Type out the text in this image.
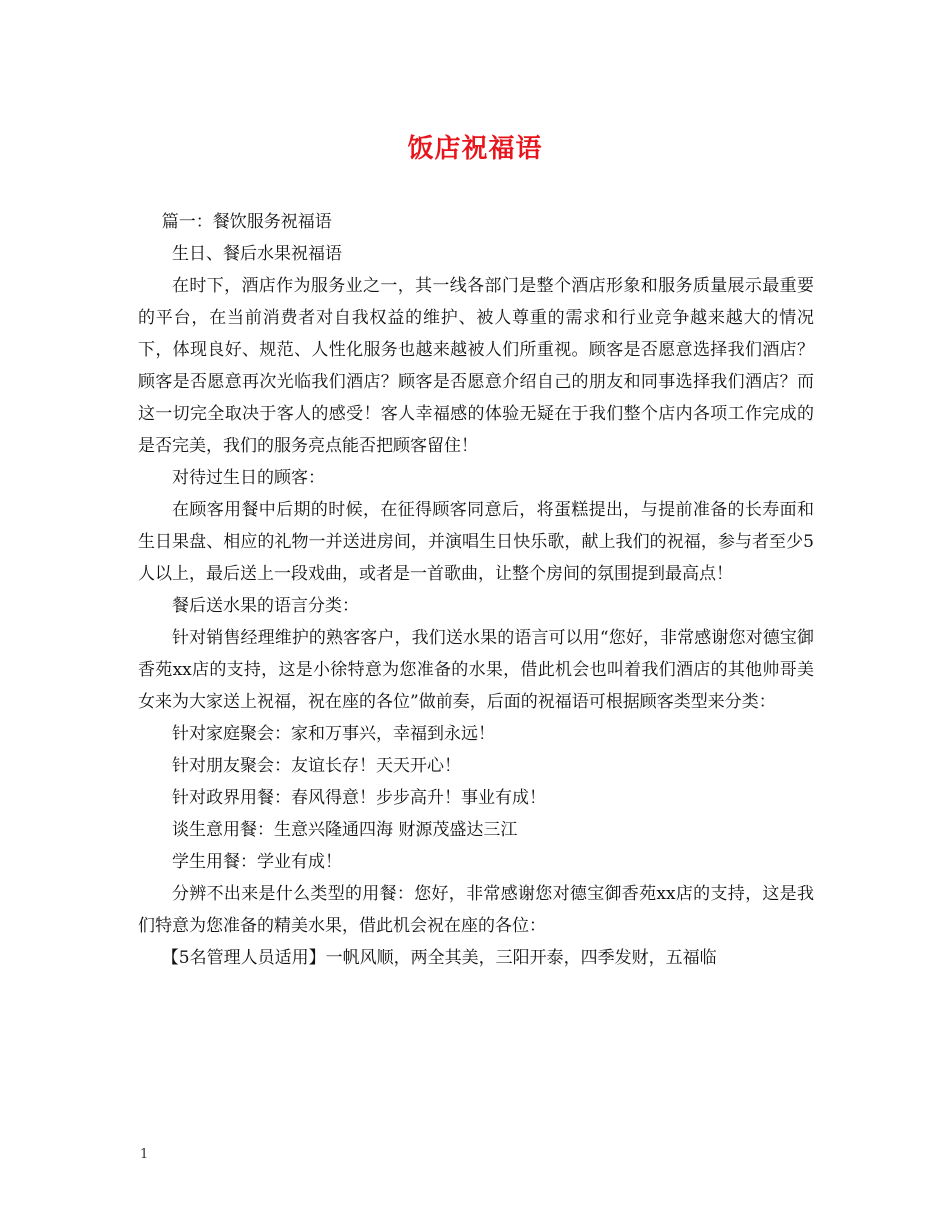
饭店祝福语

篇一：餐饮服务祝福语

生日、餐后水果祝福语

在时下，酒店作为服务业之一，其一线各部门是整个酒店形象和服务质量展示最重要的平台，在当前消费者对自我权益的维护、被人尊重的需求和行业竞争越来越大的情况下，体现良好、规范、人性化服务也越来越被人们所重视。顾客是否愿意选择我们酒店？顾客是否愿意再次光临我们酒店？顾客是否愿意介绍自己的朋友和同事选择我们酒店？而这一切完全取决于客人的感受！客人幸福感的体验无疑在于我们整个店内各项工作完成的是否完美，我们的服务亮点能否把顾客留住！

对待过生日的顾客：

在顾客用餐中后期的时候，在征得顾客同意后，将蛋糕提出，与提前准备的长寿面和生日果盘、相应的礼物一并送进房间，并演唱生日快乐歌，献上我们的祝福，参与者至少5人以上，最后送上一段戏曲，或者是一首歌曲，让整个房间的氛围提到最高点！

餐后送水果的语言分类：

针对销售经理维护的熟客客户，我们送水果的语言可以用“您好，非常感谢您对德宝御香苑xx店的支持，这是小徐特意为您准备的水果，借此机会也叫着我们酒店的其他帅哥美女来为大家送上祝福，祝在座的各位”做前奏，后面的祝福语可根据顾客类型来分类：

针对家庭聚会：家和万事兴，幸福到永远！

针对朋友聚会：友谊长存！天天开心！

针对政界用餐：春风得意！步步高升！事业有成！

谈生意用餐：生意兴隆通四海 财源茂盛达三江

学生用餐：学业有成！

分辨不出来是什么类型的用餐：您好，非常感谢您对德宝御香苑xx店的支持，这是我们特意为您准备的精美水果，借此机会祝在座的各位：

【5名管理人员适用】一帆风顺，两全其美，三阳开泰，四季发财，五福临

1
